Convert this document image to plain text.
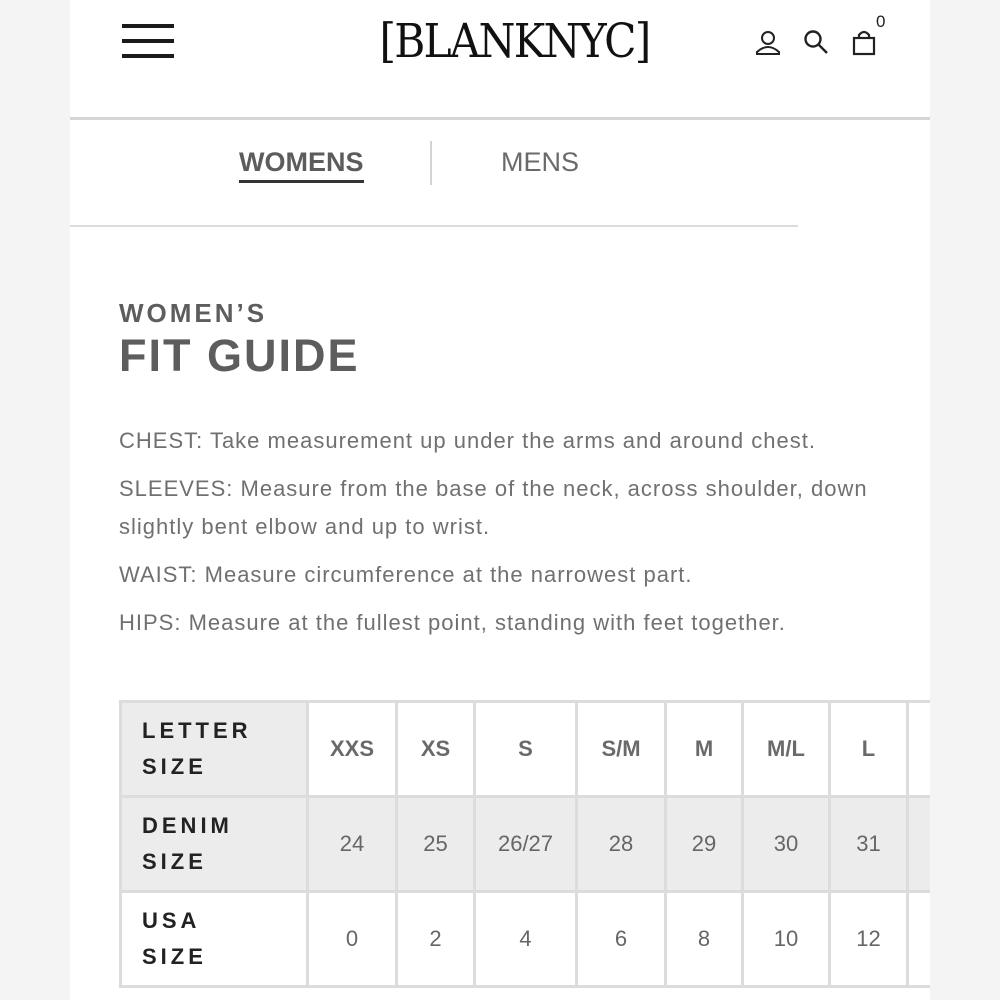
[BLANKNYC]	0
WOMENS	MENS
WOMEN’S
FIT GUIDE
CHEST: Take measurement up under the arms and around chest.
SLEEVES: Measure from the base of the neck, across shoulder, down
slightly bent elbow and up to wrist.
WAIST: Measure circumference at the narrowest part.
HIPS: Measure at the fullest point, standing with feet together.
LETTER
SIZE	XXS	XS	S	S/M	M	M/L	L	

DENIM
SIZE	24	25	26/27	28	29	30	31	

USA
SIZE	0	2	4	6	8	10	12	
